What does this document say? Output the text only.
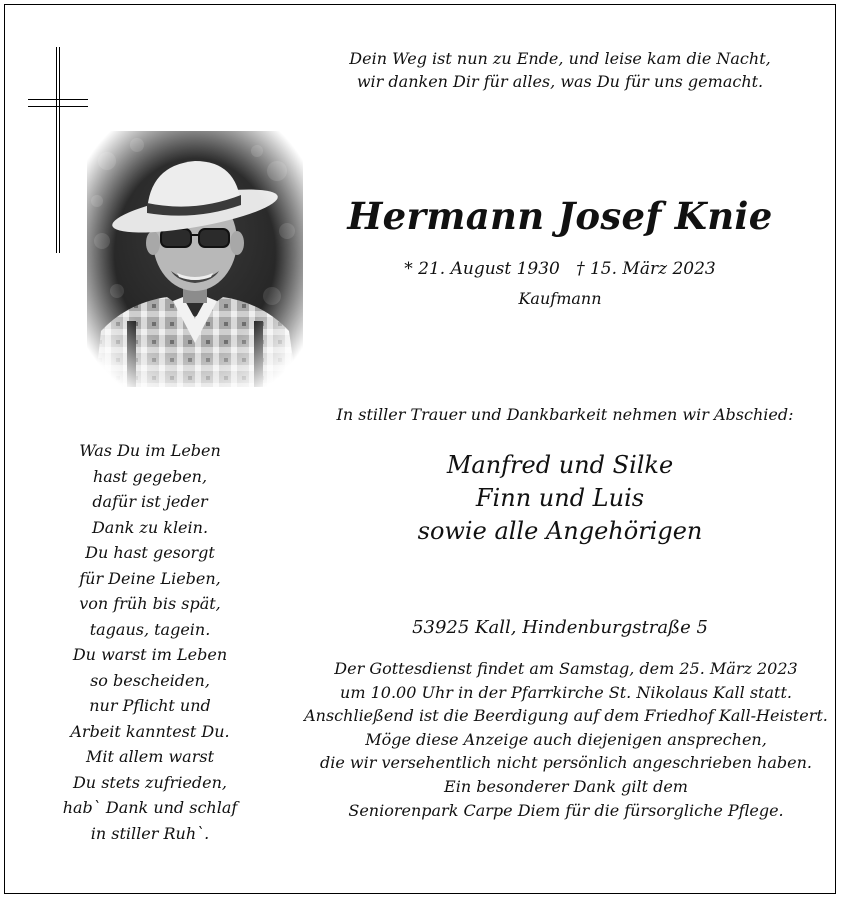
Dein Weg ist nun zu Ende, und leise kam die Nacht,
wir danken Dir für alles, was Du für uns gemacht.
Hermann Josef Knie
* 21. August 1930   † 15. März 2023
Kaufmann
In stiller Trauer und Dankbarkeit nehmen wir Abschied:
Manfred und Silke
Finn und Luis
sowie alle Angehörigen
Was Du im Leben
hast gegeben,
dafür ist jeder
Dank zu klein.
Du hast gesorgt
für Deine Lieben,
von früh bis spät,
tagaus, tagein.
Du warst im Leben
so bescheiden,
nur Pflicht und
Arbeit kanntest Du.
Mit allem warst
Du stets zufrieden,
hab` Dank und schlaf
in stiller Ruh`.
53925 Kall, Hindenburgstraße 5
Der Gottesdienst findet am Samstag, dem 25. März 2023
um 10.00 Uhr in der Pfarrkirche St. Nikolaus Kall statt.
Anschließend ist die Beerdigung auf dem Friedhof Kall-Heistert.
Möge diese Anzeige auch diejenigen ansprechen,
die wir versehentlich nicht persönlich angeschrieben haben.
Ein besonderer Dank gilt dem
Seniorenpark Carpe Diem für die fürsorgliche Pflege.
